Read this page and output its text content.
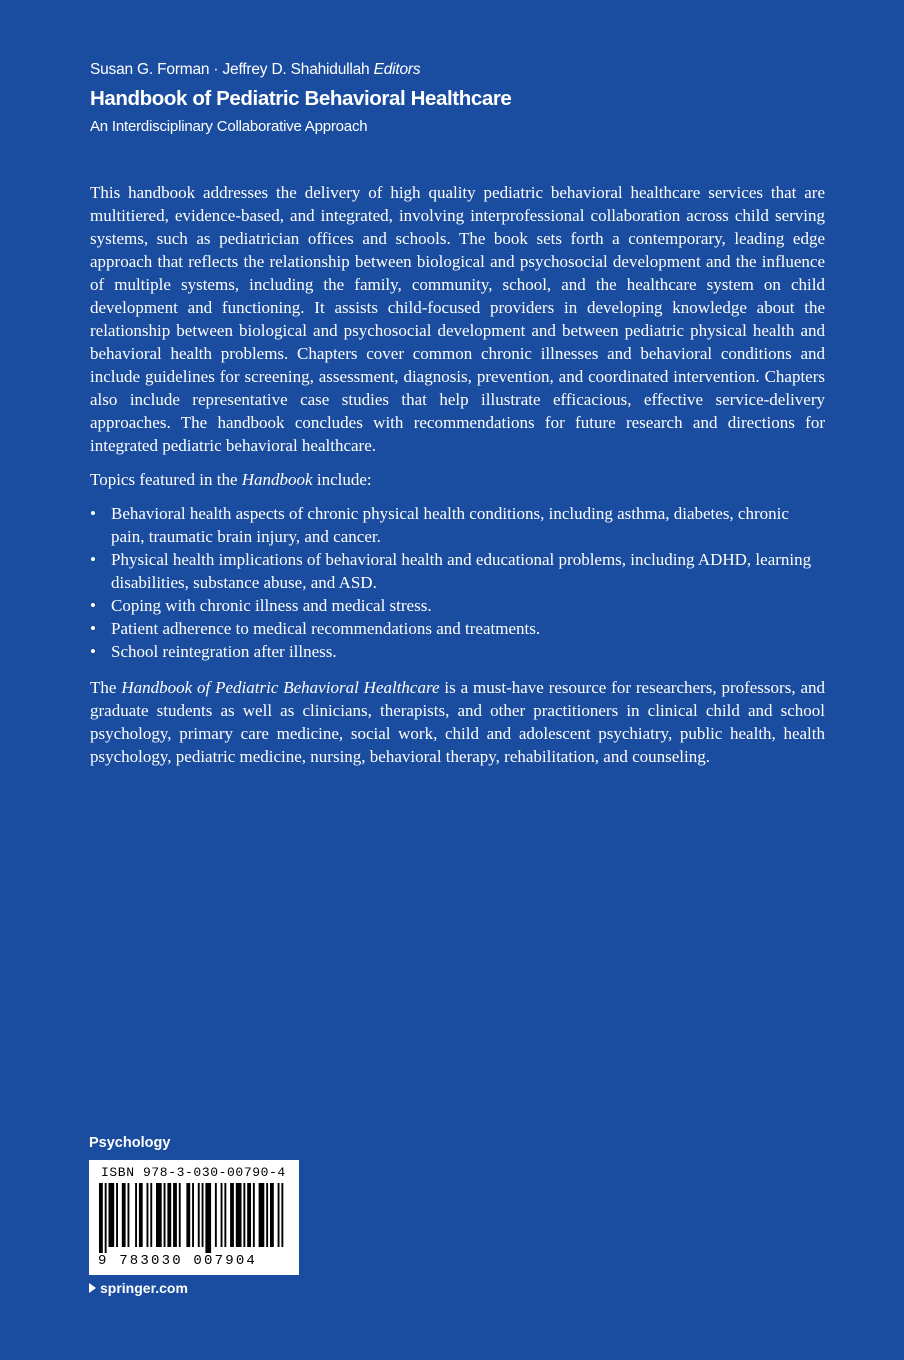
Susan G. Forman · Jeffrey D. Shahidullah Editors
Handbook of Pediatric Behavioral Healthcare
An Interdisciplinary Collaborative Approach
This handbook addresses the delivery of high quality pediatric behavioral healthcare services that are multitiered, evidence-based, and integrated, involving interprofessional collaboration across child serving systems, such as pediatrician offices and schools. The book sets forth a contemporary, leading edge approach that reflects the relationship between biological and psychosocial development and the influence of multiple systems, including the family, community, school, and the healthcare system on child development and functioning. It assists child-focused providers in developing knowledge about the relationship between biological and psychosocial development and between pediatric physical health and behavioral health problems. Chapters cover common chronic illnesses and behavioral conditions and include guidelines for screening, assessment, diagnosis, prevention, and coordinated intervention. Chapters also include representative case studies that help illustrate efficacious, effective service-delivery approaches. The handbook concludes with recommendations for future research and directions for integrated pediatric behavioral healthcare.
Topics featured in the Handbook include:
• Behavioral health aspects of chronic physical health conditions, including asthma, diabetes, chronic pain, traumatic brain injury, and cancer.
• Physical health implications of behavioral health and educational problems, including ADHD, learning disabilities, substance abuse, and ASD.
• Coping with chronic illness and medical stress.
• Patient adherence to medical recommendations and treatments.
• School reintegration after illness.
The Handbook of Pediatric Behavioral Healthcare is a must-have resource for researchers, professors, and graduate students as well as clinicians, therapists, and other practitioners in clinical child and school psychology, primary care medicine, social work, child and adolescent psychiatry, public health, health psychology, pediatric medicine, nursing, behavioral therapy, rehabilitation, and counseling.
Psychology
ISBN 978-3-030-00790-4
9 783030 007904
springer.com
